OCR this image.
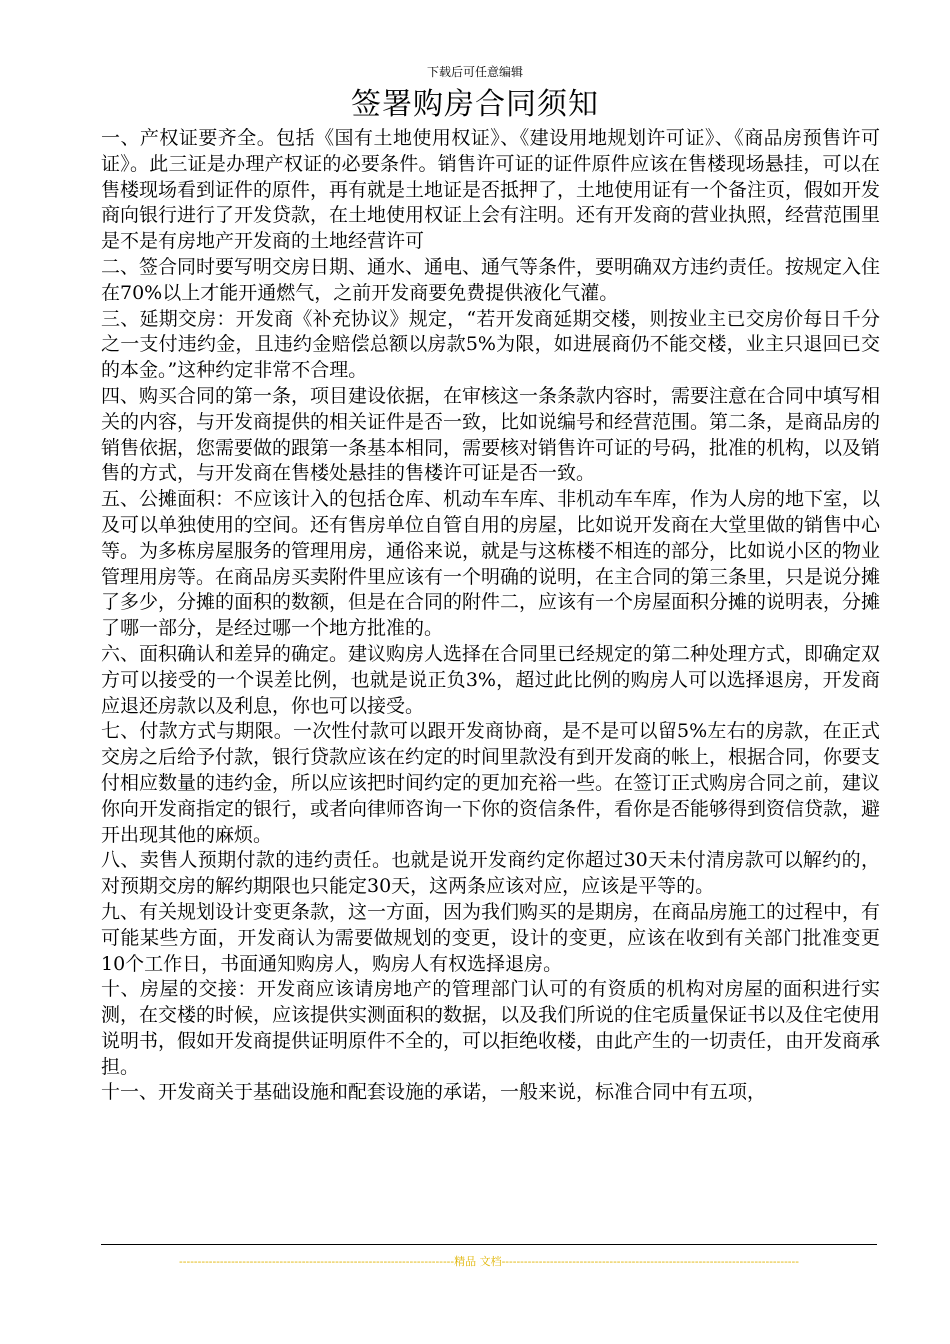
下载后可任意编辑
签署购房合同须知

一、产权证要齐全。包括《国有土地使用权证》、《建设用地规划许可证》、《商品房预售许可证》。此三证是办理产权证的必要条件。销售许可证的证件原件应该在售楼现场悬挂，可以在售楼现场看到证件的原件，再有就是土地证是否抵押了，土地使用证有一个备注页，假如开发商向银行进行了开发贷款，在土地使用权证上会有注明。还有开发商的营业执照，经营范围里是不是有房地产开发商的土地经营许可

二、签合同时要写明交房日期、通水、通电、通气等条件，要明确双方违约责任。按规定入住在70%以上才能开通燃气，之前开发商要免费提供液化气灌。

三、延期交房：开发商《补充协议》规定，“若开发商延期交楼，则按业主已交房价每日千分之一支付违约金，且违约金赔偿总额以房款5%为限，如进展商仍不能交楼，业主只退回已交的本金。”这种约定非常不合理。

四、购买合同的第一条，项目建设依据，在审核这一条条款内容时，需要注意在合同中填写相关的内容，与开发商提供的相关证件是否一致，比如说编号和经营范围。第二条，是商品房的销售依据，您需要做的跟第一条基本相同，需要核对销售许可证的号码，批准的机构，以及销售的方式，与开发商在售楼处悬挂的售楼许可证是否一致。

五、公摊面积：不应该计入的包括仓库、机动车车库、非机动车车库，作为人房的地下室，以及可以单独使用的空间。还有售房单位自管自用的房屋，比如说开发商在大堂里做的销售中心等。为多栋房屋服务的管理用房，通俗来说，就是与这栋楼不相连的部分，比如说小区的物业管理用房等。在商品房买卖附件里应该有一个明确的说明，在主合同的第三条里，只是说分摊了多少，分摊的面积的数额，但是在合同的附件二，应该有一个房屋面积分摊的说明表，分摊了哪一部分，是经过哪一个地方批准的。

六、面积确认和差异的确定。建议购房人选择在合同里已经规定的第二种处理方式，即确定双方可以接受的一个误差比例，也就是说正负3%，超过此比例的购房人可以选择退房，开发商应退还房款以及利息，你也可以接受。

七、付款方式与期限。一次性付款可以跟开发商协商，是不是可以留5%左右的房款，在正式交房之后给予付款，银行贷款应该在约定的时间里款没有到开发商的帐上，根据合同，你要支付相应数量的违约金，所以应该把时间约定的更加充裕一些。在签订正式购房合同之前，建议你向开发商指定的银行，或者向律师咨询一下你的资信条件，看你是否能够得到资信贷款，避开出现其他的麻烦。

八、卖售人预期付款的违约责任。也就是说开发商约定你超过30天未付清房款可以解约的，对预期交房的解约期限也只能定30天，这两条应该对应，应该是平等的。

九、有关规划设计变更条款，这一方面，因为我们购买的是期房，在商品房施工的过程中，有可能某些方面，开发商认为需要做规划的变更，设计的变更，应该在收到有关部门批准变更10个工作日，书面通知购房人，购房人有权选择退房。

十、房屋的交接：开发商应该请房地产的管理部门认可的有资质的机构对房屋的面积进行实测，在交楼的时候，应该提供实测面积的数据，以及我们所说的住宅质量保证书以及住宅使用说明书，假如开发商提供证明原件不全的，可以拒绝收楼，由此产生的一切责任，由开发商承担。

十一、开发商关于基础设施和配套设施的承诺，一般来说，标准合同中有五项，

--------------------------------------------------------------------------精品 文档--------------------------------------------------------------------------------
